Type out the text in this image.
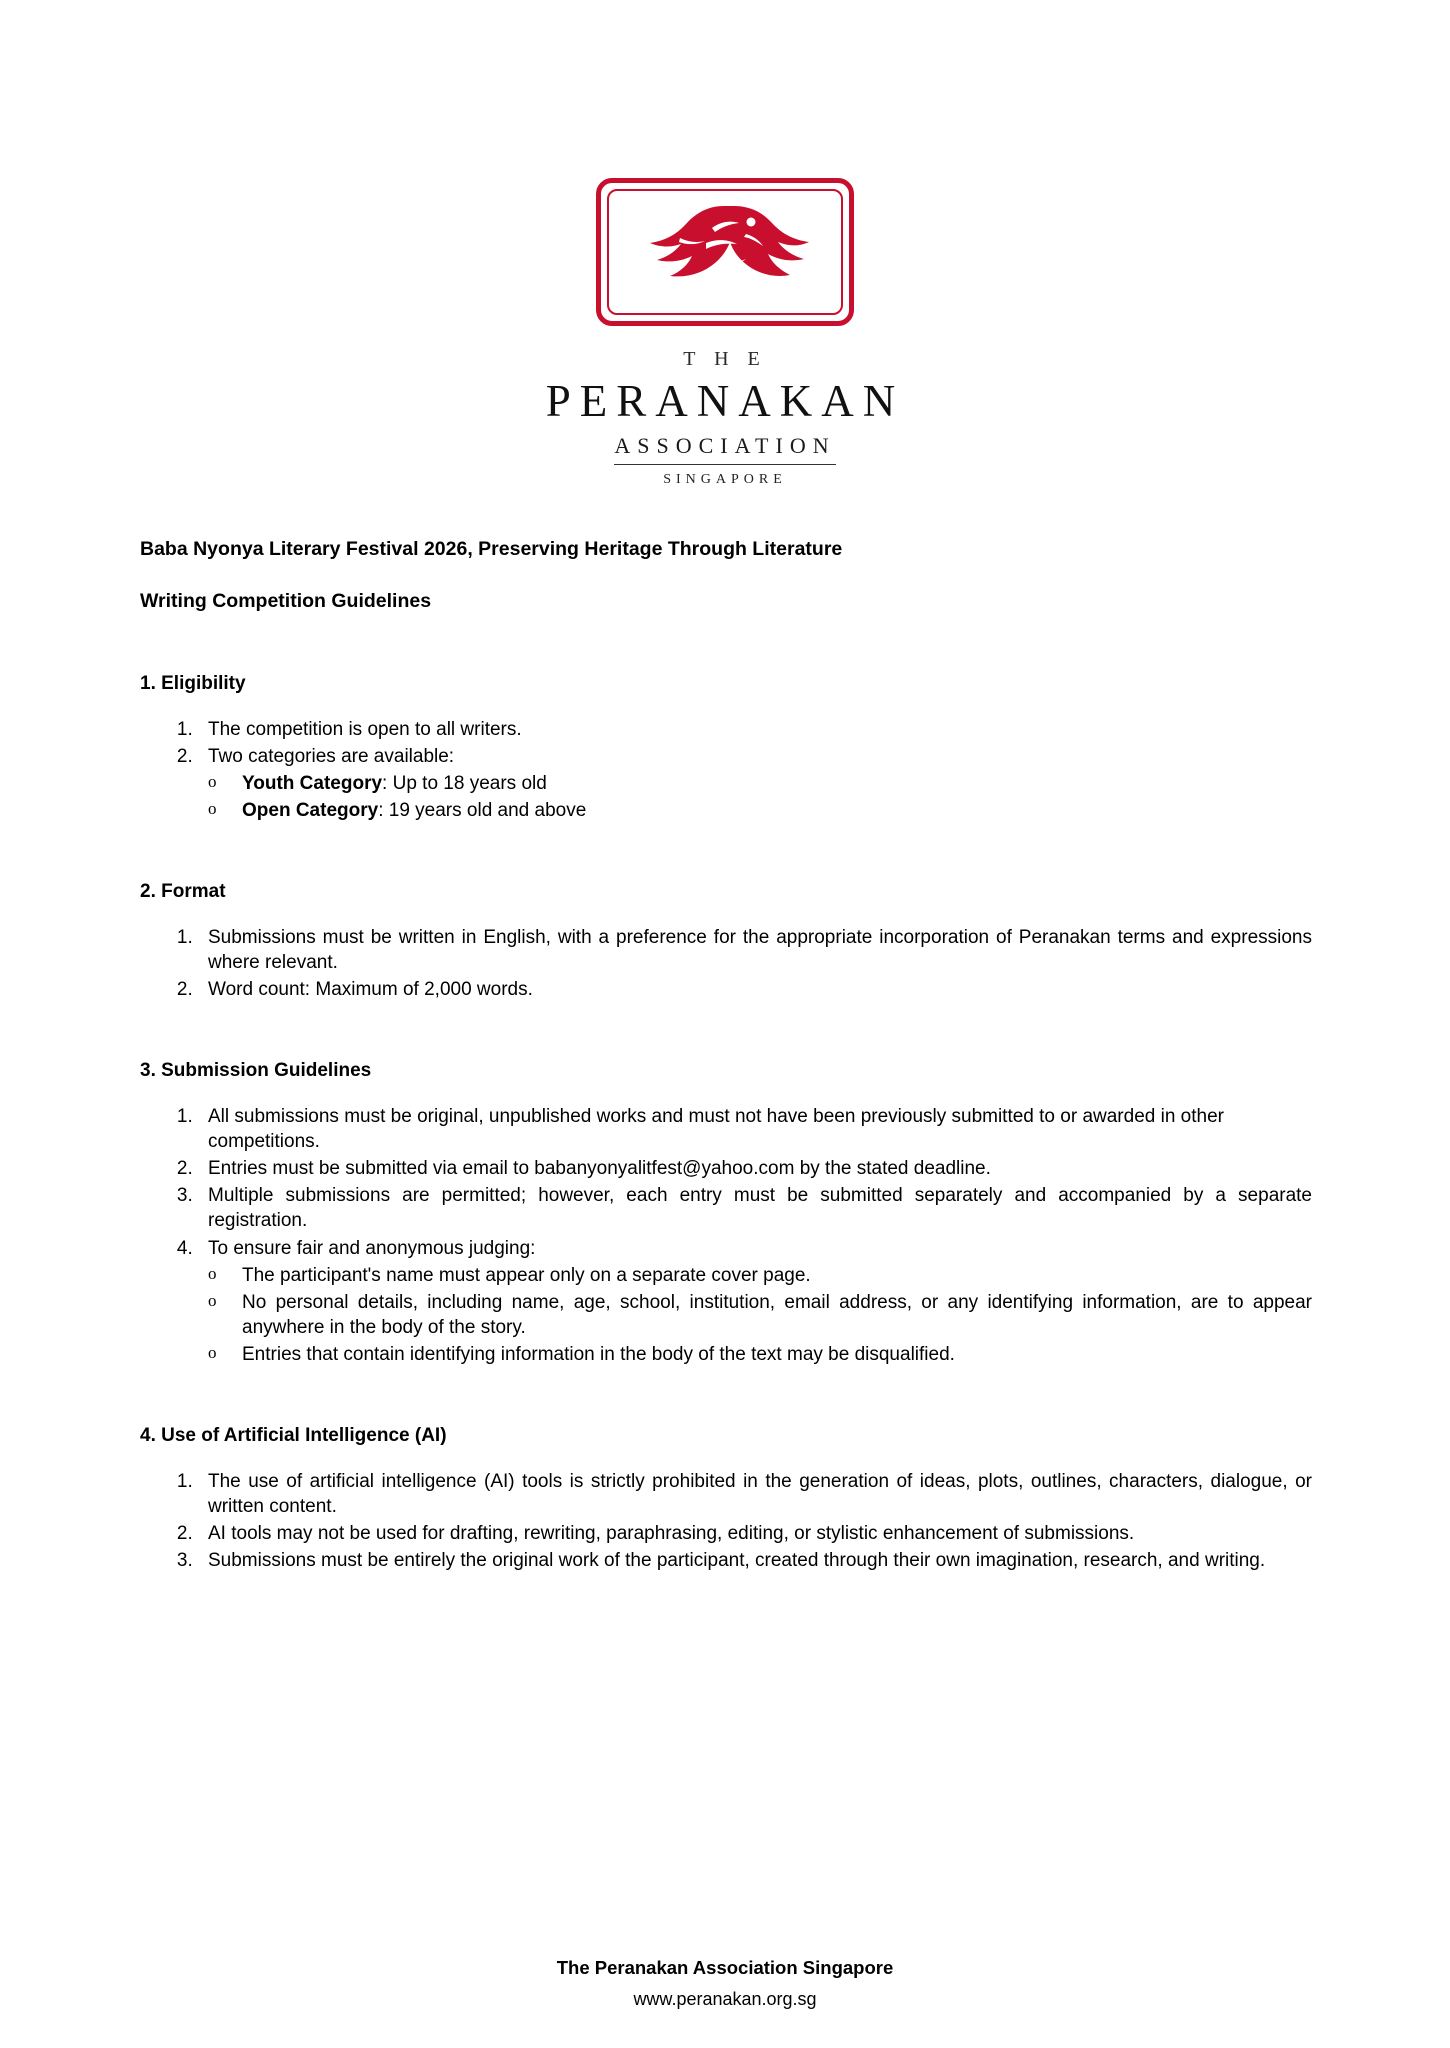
T H E
PERANAKAN
ASSOCIATION
SINGAPORE
Baba Nyonya Literary Festival 2026, Preserving Heritage Through Literature
Writing Competition Guidelines
1. Eligibility
1. The competition is open to all writers.
2. Two categories are available:
o Youth Category: Up to 18 years old
o Open Category: 19 years old and above
2. Format
1. Submissions must be written in English, with a preference for the appropriate incorporation of Peranakan terms and expressions where relevant.
2. Word count: Maximum of 2,000 words.
3. Submission Guidelines
1. All submissions must be original, unpublished works and must not have been previously submitted to or awarded in other competitions.
2. Entries must be submitted via email to babanyonyalitfest@yahoo.com by the stated deadline.
3. Multiple submissions are permitted; however, each entry must be submitted separately and accompanied by a separate registration.
4. To ensure fair and anonymous judging:
o The participant's name must appear only on a separate cover page.
o No personal details, including name, age, school, institution, email address, or any identifying information, are to appear anywhere in the body of the story.
o Entries that contain identifying information in the body of the text may be disqualified.
4. Use of Artificial Intelligence (AI)
1. The use of artificial intelligence (AI) tools is strictly prohibited in the generation of ideas, plots, outlines, characters, dialogue, or written content.
2. AI tools may not be used for drafting, rewriting, paraphrasing, editing, or stylistic enhancement of submissions.
3. Submissions must be entirely the original work of the participant, created through their own imagination, research, and writing.
The Peranakan Association Singapore
www.peranakan.org.sg
